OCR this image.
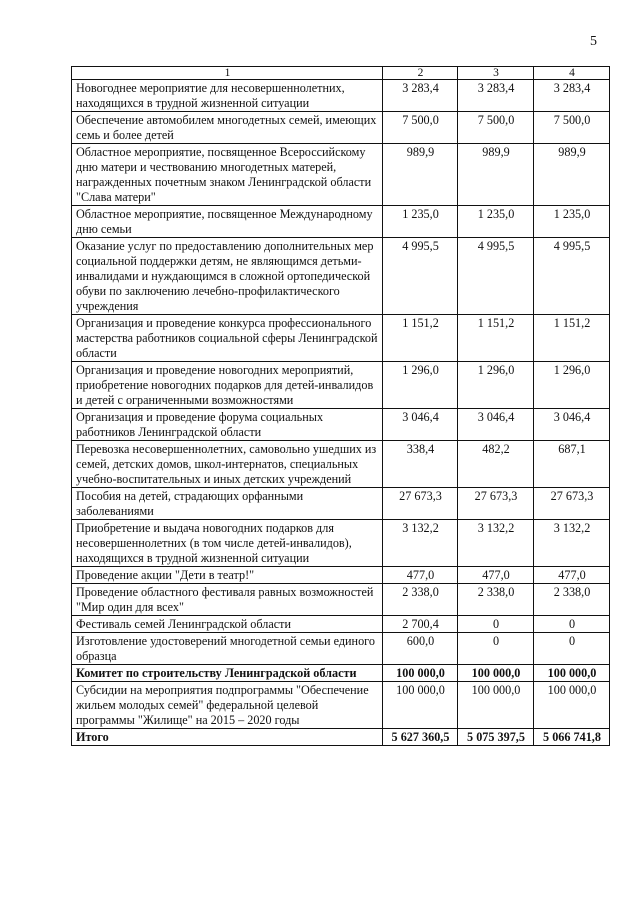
5
1	2	3	4
Новогоднее мероприятие для несовершеннолетних, находящихся в трудной жизненной ситуации	3 283,4	3 283,4	3 283,4
Обеспечение автомобилем многодетных семей, имеющих семь и более детей	7 500,0	7 500,0	7 500,0
Областное мероприятие, посвященное Всероссийскому дню матери и чествованию многодетных матерей, награжденных почетным знаком Ленинградской области "Слава матери"	989,9	989,9	989,9
Областное мероприятие, посвященное Международному дню семьи	1 235,0	1 235,0	1 235,0
Оказание услуг по предоставлению дополнительных мер социальной поддержки детям, не являющимся детьми-инвалидами и нуждающимся в сложной ортопедической обуви по заключению лечебно-профилактического учреждения	4 995,5	4 995,5	4 995,5
Организация и проведение конкурса профессионального мастерства работников социальной сферы Ленинградской области	1 151,2	1 151,2	1 151,2
Организация и проведение новогодних мероприятий, приобретение новогодних подарков для детей-инвалидов и детей с ограниченными возможностями	1 296,0	1 296,0	1 296,0
Организация и проведение форума социальных работников Ленинградской области	3 046,4	3 046,4	3 046,4
Перевозка несовершеннолетних, самовольно ушедших из семей, детских домов, школ-интернатов, специальных учебно-воспитательных и иных детских учреждений	338,4	482,2	687,1
Пособия на детей, страдающих орфанными заболеваниями	27 673,3	27 673,3	27 673,3
Приобретение и выдача новогодних подарков для несовершеннолетних (в том числе детей-инвалидов), находящихся в трудной жизненной ситуации	3 132,2	3 132,2	3 132,2
Проведение акции "Дети в театр!"	477,0	477,0	477,0
Проведение областного фестиваля равных возможностей "Мир один для всех"	2 338,0	2 338,0	2 338,0
Фестиваль семей Ленинградской области	2 700,4	0	0
Изготовление удостоверений многодетной семьи единого образца	600,0	0	0
Комитет по строительству Ленинградской области	100 000,0	100 000,0	100 000,0
Субсидии на мероприятия подпрограммы "Обеспечение жильем молодых семей" федеральной целевой программы "Жилище" на 2015 – 2020 годы	100 000,0	100 000,0	100 000,0
Итого	5 627 360,5	5 075 397,5	5 066 741,8
